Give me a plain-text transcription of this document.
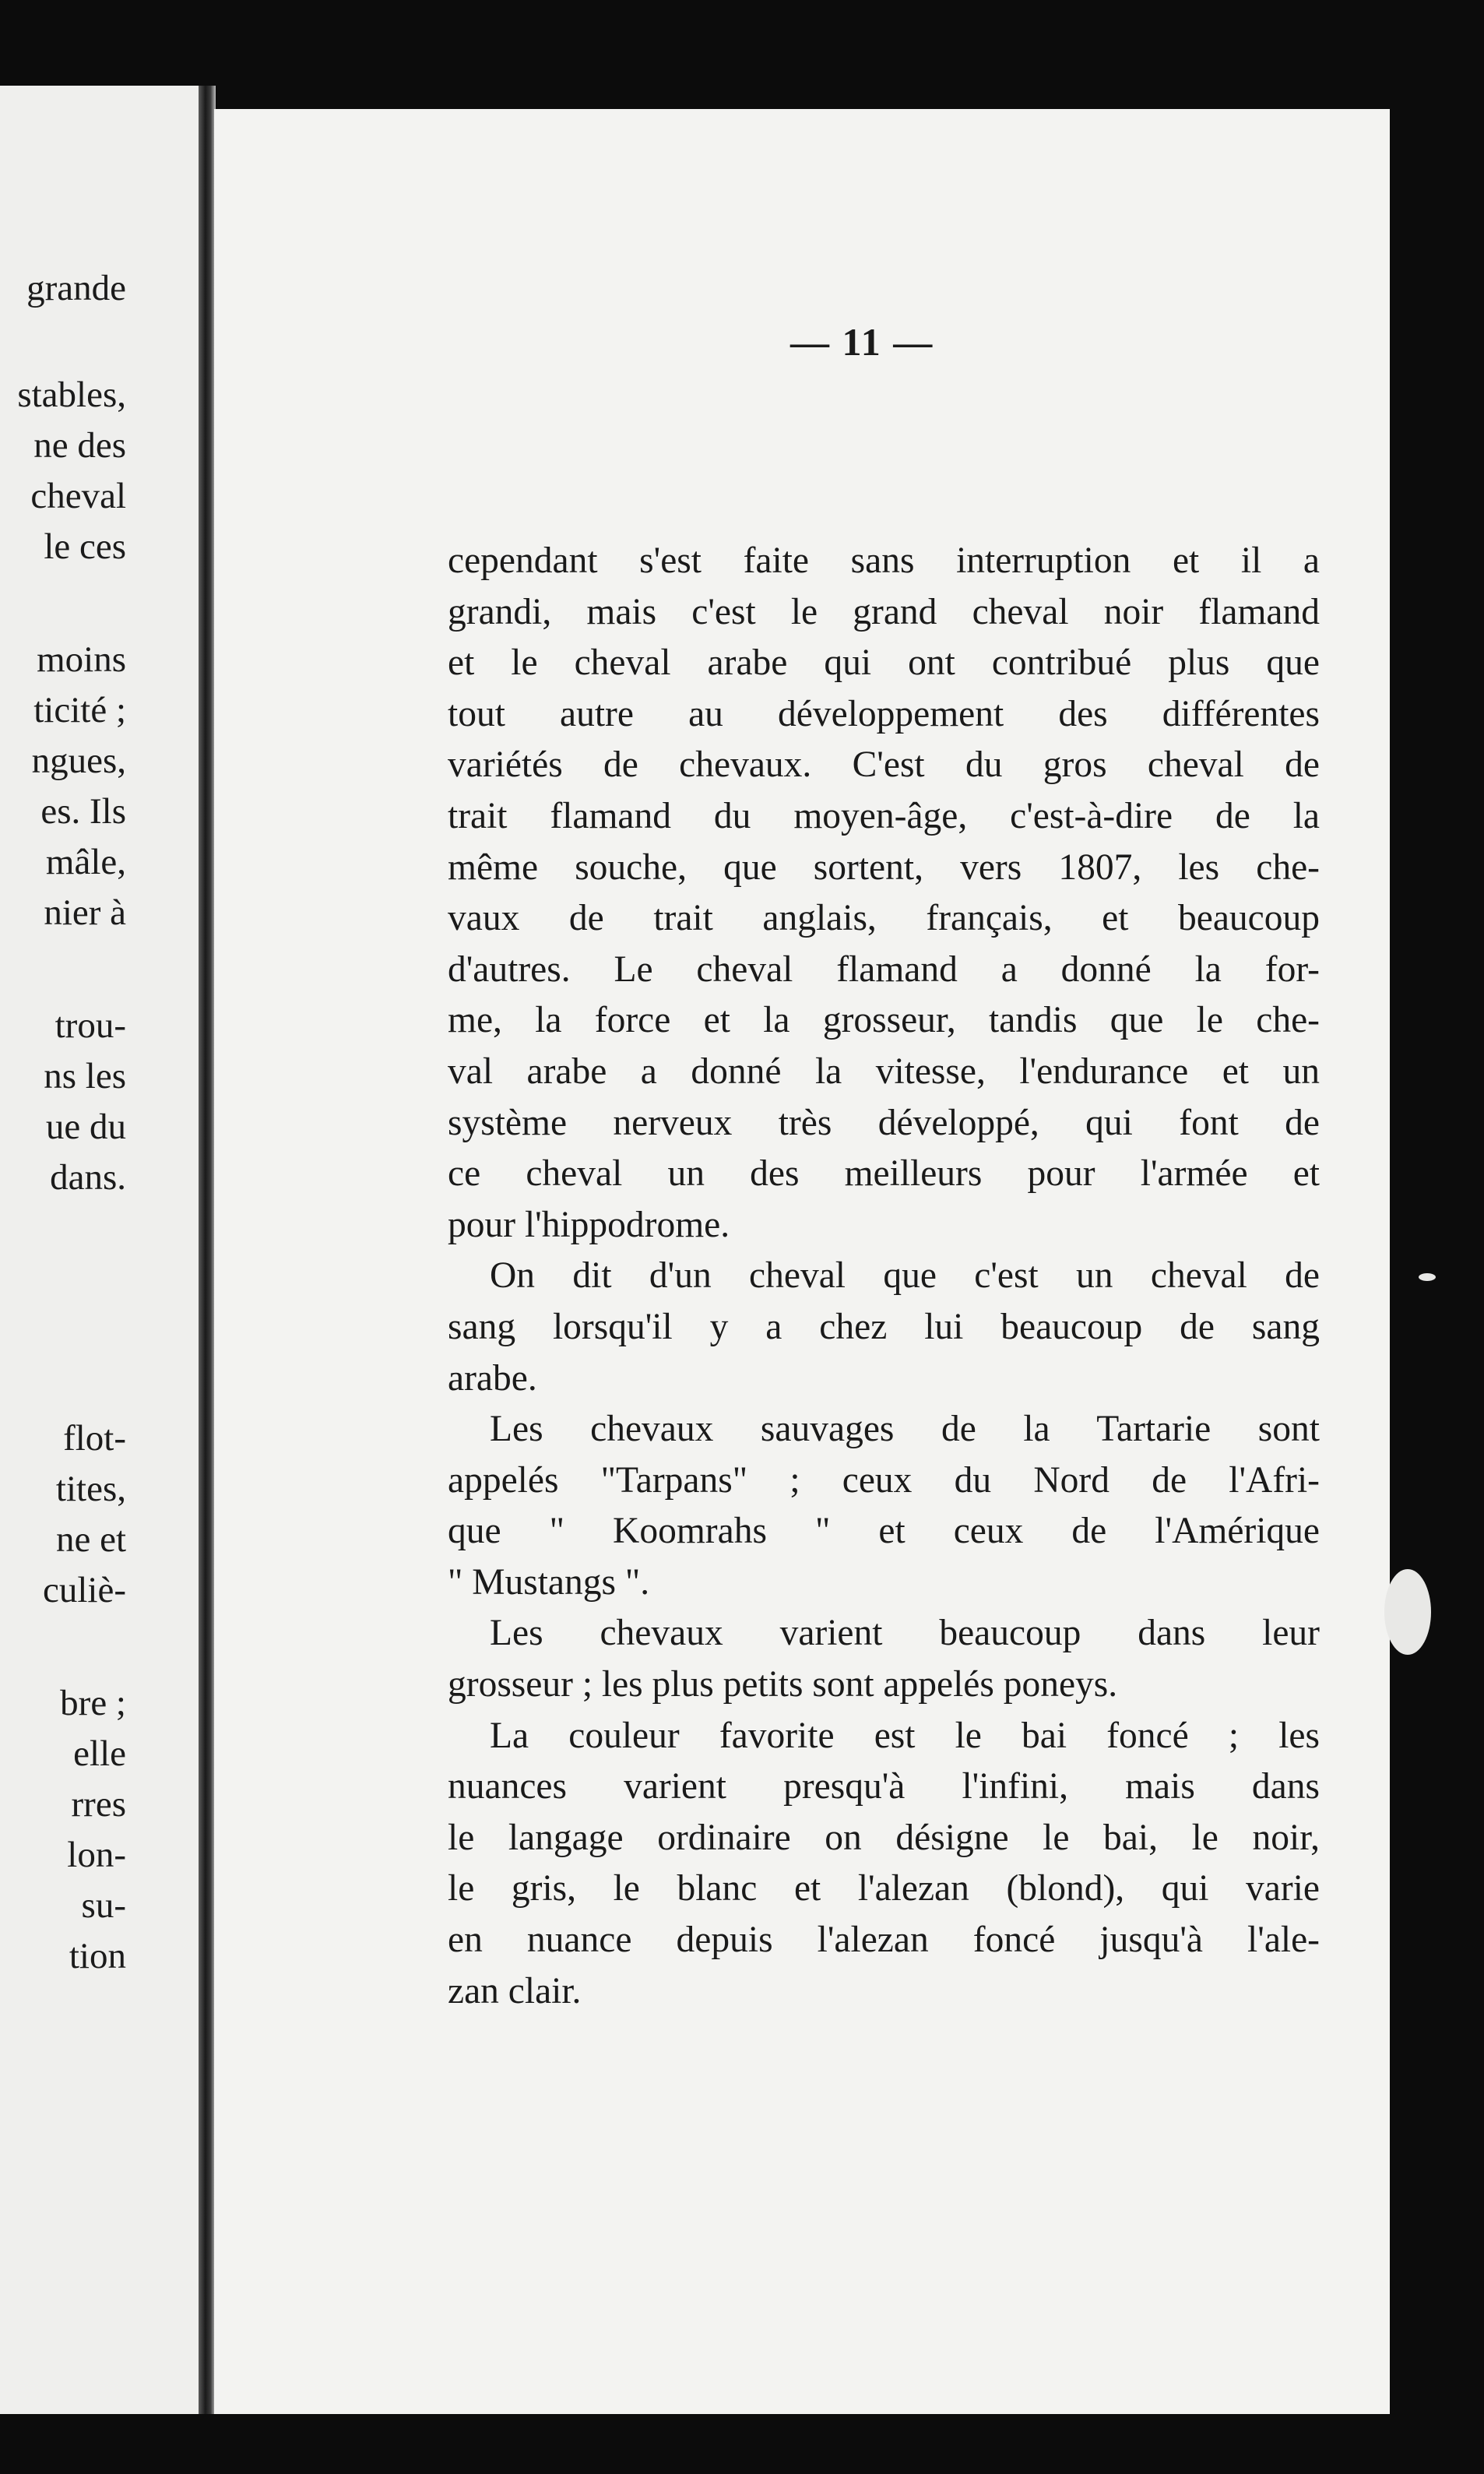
grande
stables,
ne des
cheval
le ces
moins
ticité ;
ngues,
es. Ils
mâle,
nier à
trou-
ns les
ue du
dans.
flot-
tites,
ne et
culiè-
bre ;
elle
rres
lon-
su-
tion
— 11 —
cependant s'est faite sans interruption et il a
grandi, mais c'est le grand cheval noir flamand
et le cheval arabe qui ont contribué plus que
tout autre au développement des différentes
variétés de chevaux. C'est du gros cheval de
trait flamand du moyen-âge, c'est-à-dire de la
même souche, que sortent, vers 1807, les che-
vaux de trait anglais, français, et beaucoup
d'autres. Le cheval flamand a donné la for-
me, la force et la grosseur, tandis que le che-
val arabe a donné la vitesse, l'endurance et un
système nerveux très développé, qui font de
ce cheval un des meilleurs pour l'armée et
pour l'hippodrome.
On dit d'un cheval que c'est un cheval de
sang lorsqu'il y a chez lui beaucoup de sang
arabe.
Les chevaux sauvages de la Tartarie sont
appelés "Tarpans" ; ceux du Nord de l'Afri-
que " Koomrahs " et ceux de l'Amérique
" Mustangs ".
Les chevaux varient beaucoup dans leur
grosseur ; les plus petits sont appelés poneys.
La couleur favorite est le bai foncé ; les
nuances varient presqu'à l'infini, mais dans
le langage ordinaire on désigne le bai, le noir,
le gris, le blanc et l'alezan (blond), qui varie
en nuance depuis l'alezan foncé jusqu'à l'ale-
zan clair.
